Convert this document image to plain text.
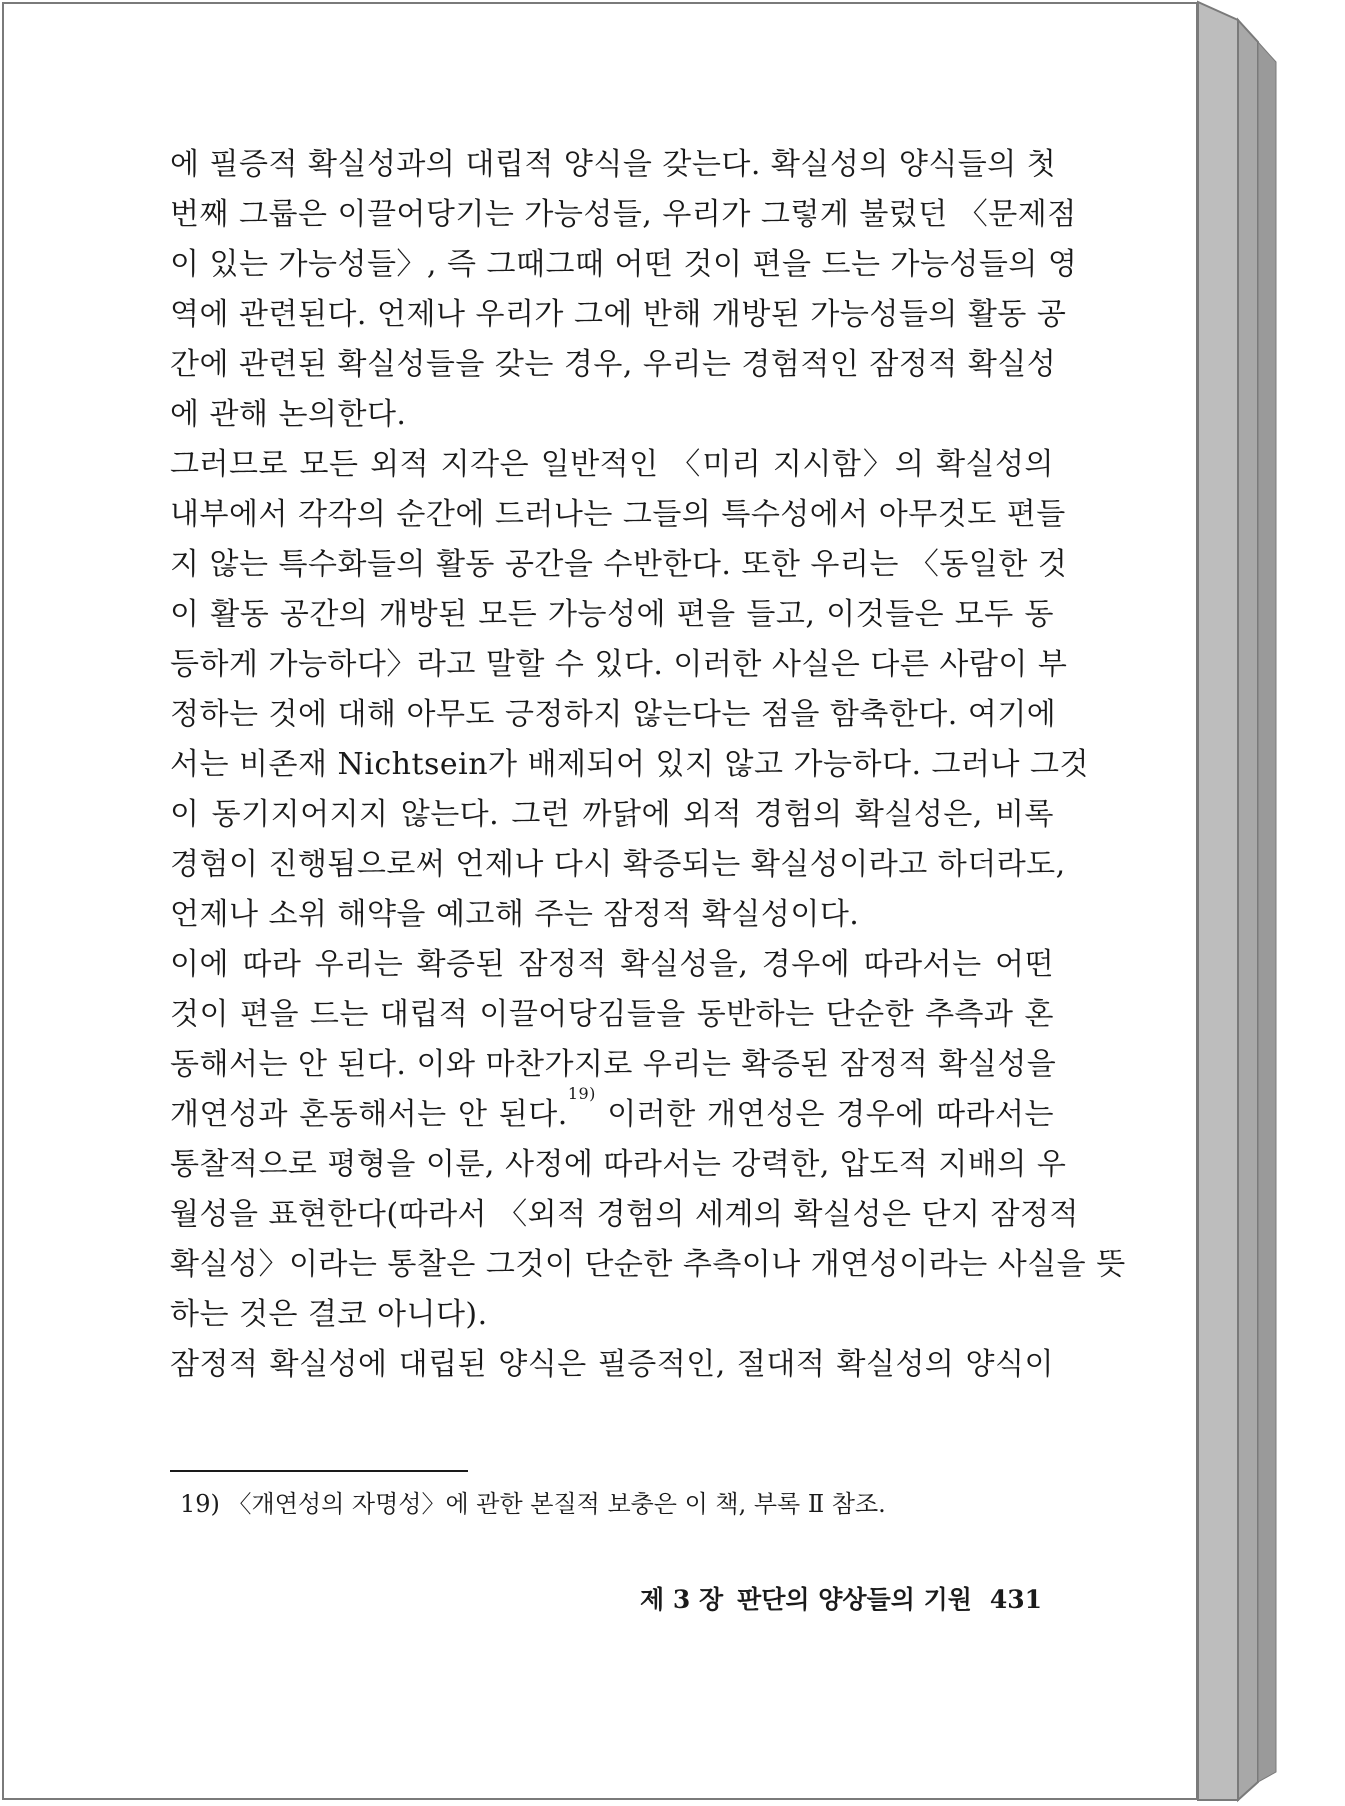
에 필증적 확실성과의 대립적 양식을 갖는다. 확실성의 양식들의 첫
번째 그룹은 이끌어당기는 가능성들, 우리가 그렇게 불렀던 〈문제점
이 있는 가능성들〉, 즉 그때그때 어떤 것이 편을 드는 가능성들의 영
역에 관련된다. 언제나 우리가 그에 반해 개방된 가능성들의 활동 공
간에 관련된 확실성들을 갖는 경우, 우리는 경험적인 잠정적 확실성
에 관해 논의한다.
그러므로 모든 외적 지각은 일반적인 〈미리 지시함〉의 확실성의
내부에서 각각의 순간에 드러나는 그들의 특수성에서 아무것도 편들
지 않는 특수화들의 활동 공간을 수반한다. 또한 우리는 〈동일한 것
이 활동 공간의 개방된 모든 가능성에 편을 들고, 이것들은 모두 동
등하게 가능하다〉라고 말할 수 있다. 이러한 사실은 다른 사람이 부
정하는 것에 대해 아무도 긍정하지 않는다는 점을 함축한다. 여기에
서는 비존재 Nichtsein가 배제되어 있지 않고 가능하다. 그러나 그것
이 동기지어지지 않는다. 그런 까닭에 외적 경험의 확실성은, 비록
경험이 진행됨으로써 언제나 다시 확증되는 확실성이라고 하더라도,
언제나 소위 해약을 예고해 주는 잠정적 확실성이다.
이에 따라 우리는 확증된 잠정적 확실성을, 경우에 따라서는 어떤
것이 편을 드는 대립적 이끌어당김들을 동반하는 단순한 추측과 혼
동해서는 안 된다. 이와 마찬가지로 우리는 확증된 잠정적 확실성을
개연성과 혼동해서는 안 된다.$^{19)}$ 이러한 개연성은 경우에 따라서는
통찰적으로 평형을 이룬, 사정에 따라서는 강력한, 압도적 지배의 우
월성을 표현한다(따라서 〈외적 경험의 세계의 확실성은 단지 잠정적
확실성〉이라는 통찰은 그것이 단순한 추측이나 개연성이라는 사실을 뜻
하는 것은 결코 아니다).
잠정적 확실성에 대립된 양식은 필증적인, 절대적 확실성의 양식이
19) 〈개연성의 자명성〉에 관한 본질적 보충은 이 책, 부록 Ⅱ 참조.
제 3 장 판단의 양상들의 기원 431
